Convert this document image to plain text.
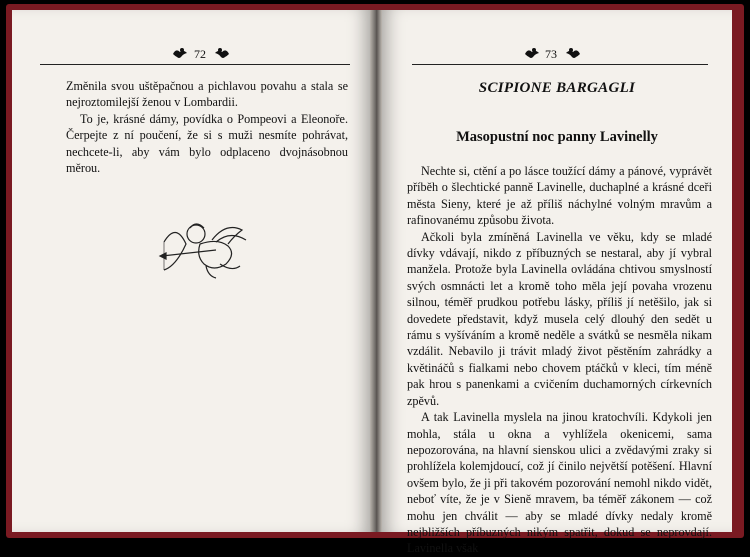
72

Změnila svou uštěpačnou a pichlavou povahu a stala se nejroztomilejší ženou v Lombardii.

To je, krásné dámy, povídka o Pompeovi a Eleonoře. Čerpejte z ní poučení, že si s muži nesmíte pohrávat, nechcete-li, aby vám bylo odplaceno dvojnásobnou měrou.

73
SCIPIONE BARGAGLI
Masopustní noc panny Lavinelly

Nechte si, ctění a po lásce toužící dámy a pánové, vyprávět příběh o šlechtické panně Lavinelle, duchaplné a krásné dceři města Sieny, které je až příliš náchylné volným mravům a rafinovanému způsobu života.

Ačkoli byla zmíněná Lavinella ve věku, kdy se mladé dívky vdávají, nikdo z příbuzných se nestaral, aby jí vybral manžela. Protože byla Lavinella ovládána chtivou smyslností svých osmnácti let a kromě toho měla její povaha vrozenu silnou, téměř prudkou potřebu lásky, příliš jí netěšilo, jak si dovedete představit, když musela celý dlouhý den sedět u rámu s vyšíváním a kromě neděle a svátků se nesměla nikam vzdálit. Nebavilo ji trávit mladý život pěstěním zahrádky a květináčů s fialkami nebo chovem ptáčků v kleci, tím méně pak hrou s panenkami a cvičením duchamorných církevních zpěvů.

A tak Lavinella myslela na jinou kratochvíli. Kdykoli jen mohla, stála u okna a vyhlížela okenicemi, sama nepozorována, na hlavní sienskou ulici a zvědavými zraky si prohlížela kolemjdoucí, což jí činilo největší potěšení. Hlavní ovšem bylo, že ji při takovém pozorování nemohl nikdo vidět, neboť víte, že je v Sieně mravem, ba téměř zákonem — což mohu jen chválit — aby se mladé dívky nedaly kromě nejbližších příbuzných nikým spatřit, dokud se neprovdají. Lavinella však
